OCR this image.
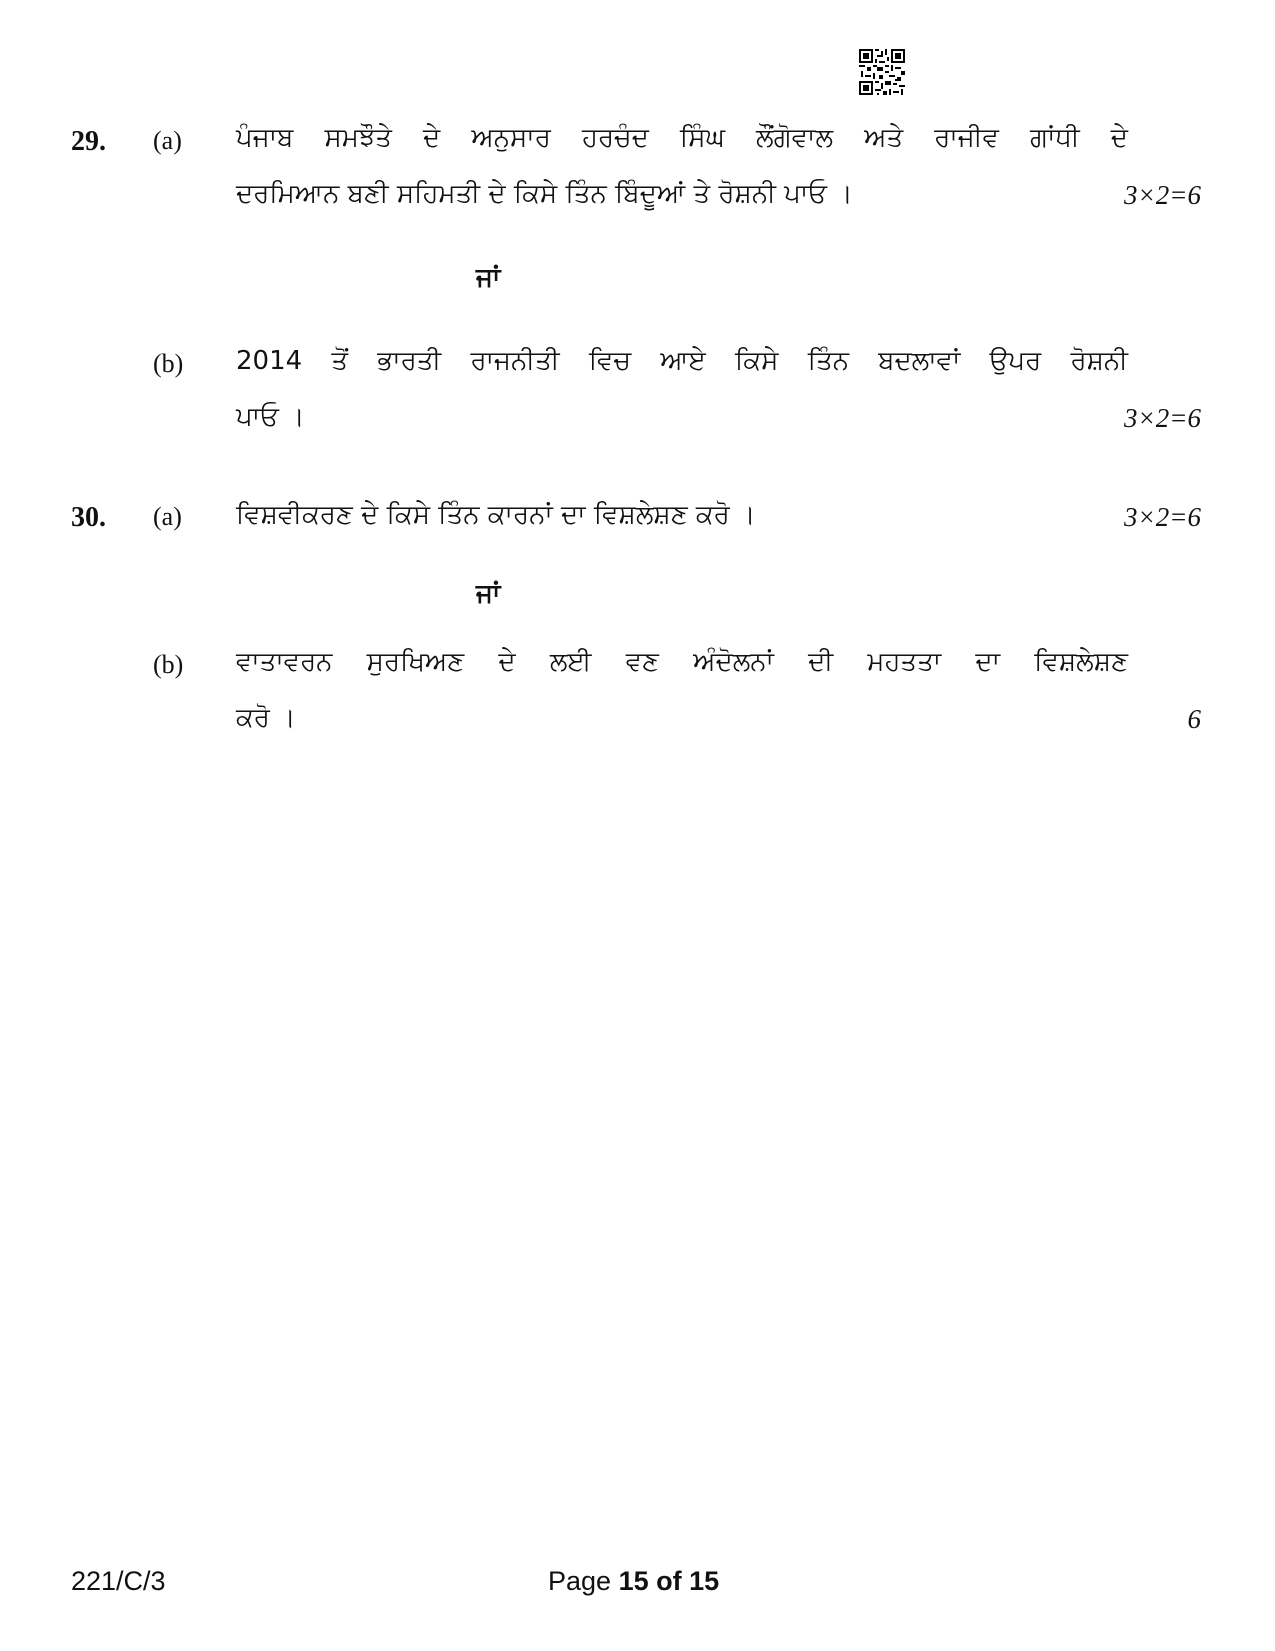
29. (a) ਪੰਜਾਬ ਸਮਝੌਤੇ ਦੇ ਅਨੁਸਾਰ ਹਰਚੰਦ ਸਿੰਘ ਲੌਂਗੋਵਾਲ ਅਤੇ ਰਾਜੀਵ ਗਾਂਧੀ ਦੇ
ਦਰਮਿਆਨ ਬਣੀ ਸਹਿਮਤੀ ਦੇ ਕਿਸੇ ਤਿੰਨ ਬਿੰਦੂਆਂ ਤੇ ਰੋਸ਼ਨੀ ਪਾਓ ।	3×2=6
ਜਾਂ
(b) 2014 ਤੋਂ ਭਾਰਤੀ ਰਾਜਨੀਤੀ ਵਿਚ ਆਏ ਕਿਸੇ ਤਿੰਨ ਬਦਲਾਵਾਂ ਉਪਰ ਰੋਸ਼ਨੀ
ਪਾਓ ।	3×2=6
30. (a) ਵਿਸ਼ਵੀਕਰਣ ਦੇ ਕਿਸੇ ਤਿੰਨ ਕਾਰਨਾਂ ਦਾ ਵਿਸ਼ਲੇਸ਼ਣ ਕਰੋ ।	3×2=6
ਜਾਂ
(b) ਵਾਤਾਵਰਨ ਸੁਰਖਿਅਣ ਦੇ ਲਈ ਵਣ ਅੰਦੋਲਨਾਂ ਦੀ ਮਹਤਤਾ ਦਾ ਵਿਸ਼ਲੇਸ਼ਣ
ਕਰੋ ।	6
221/C/3	Page 15 of 15
